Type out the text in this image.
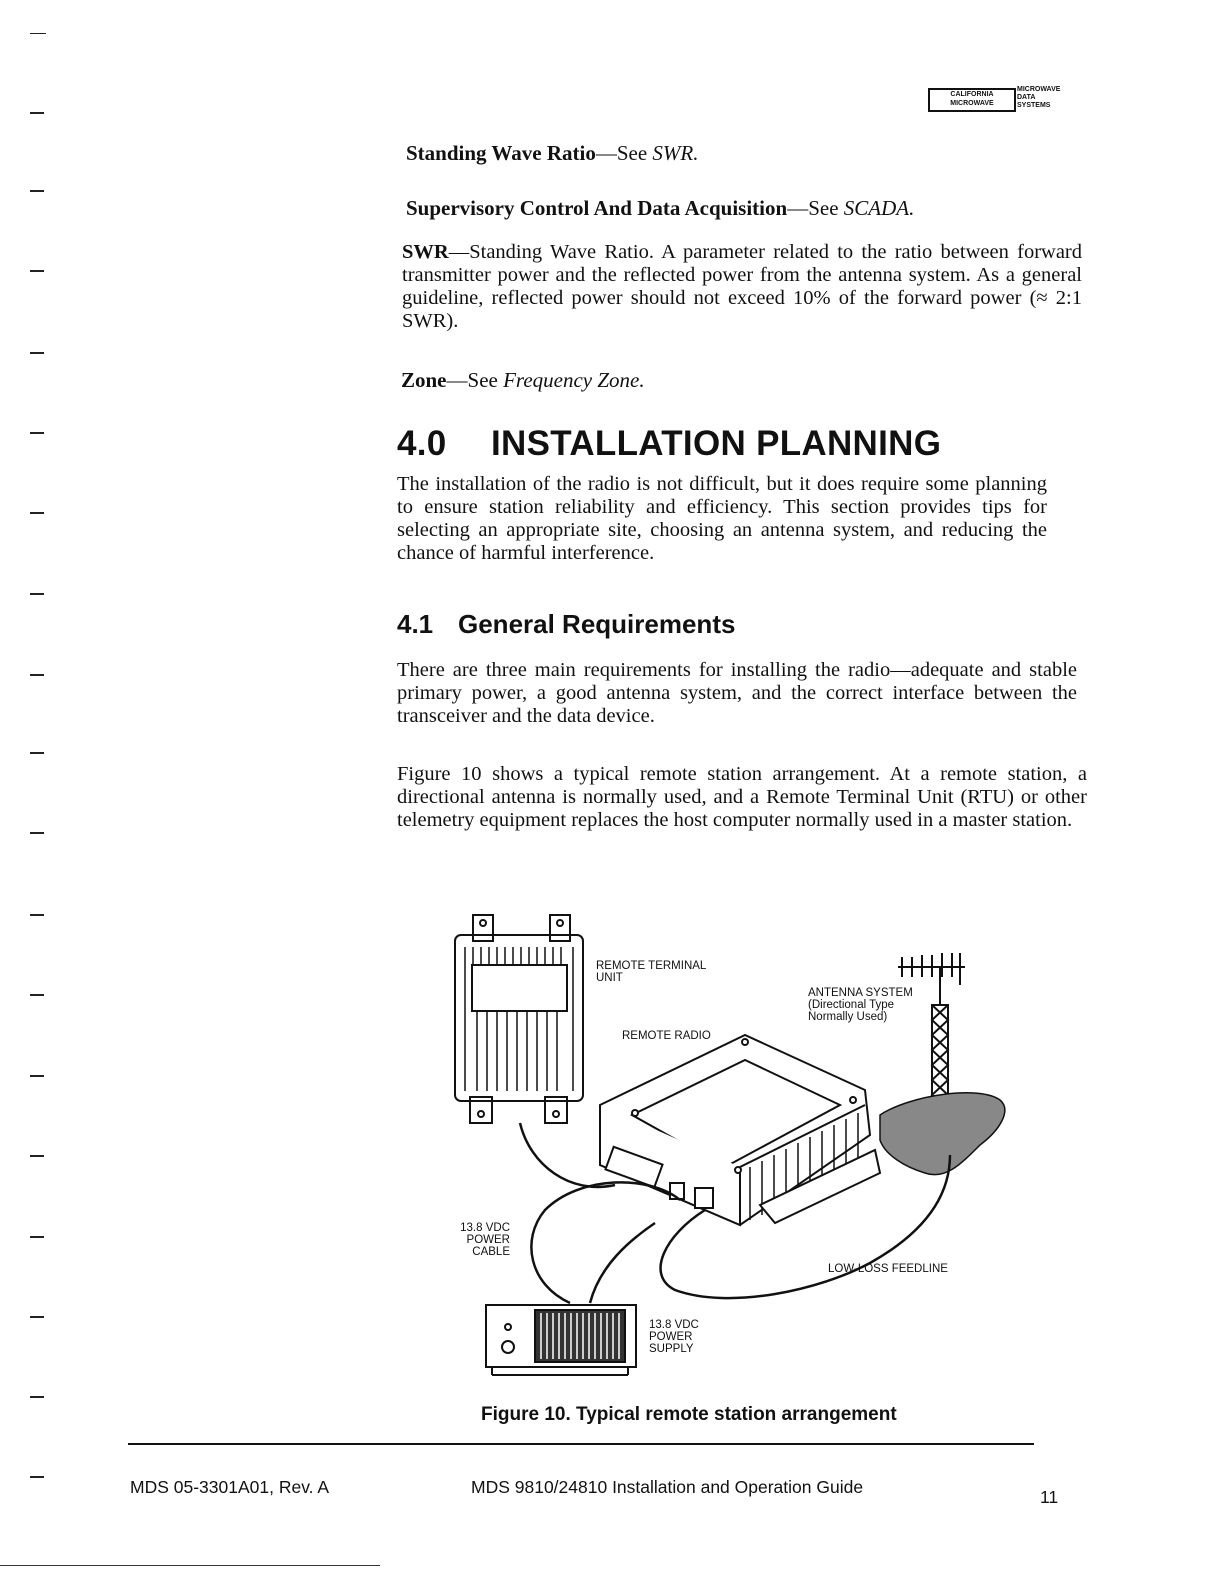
CALIFORNIA
MICROWAVE
MICROWAVE
DATA
SYSTEMS
Standing Wave Ratio—See SWR.
Supervisory Control And Data Acquisition—See SCADA.
SWR—Standing Wave Ratio. A parameter related to the ratio between forward transmitter power and the reflected power from the antenna system. As a general guideline, reflected power should not exceed 10% of the forward power (≈ 2:1 SWR).
Zone—See Frequency Zone.
4.0 INSTALLATION PLANNING
The installation of the radio is not difficult, but it does require some planning to ensure station reliability and efficiency. This section provides tips for selecting an appropriate site, choosing an antenna system, and reducing the chance of harmful interference.
4.1 General Requirements
There are three main requirements for installing the radio—adequate and stable primary power, a good antenna system, and the correct interface between the transceiver and the data device.
Figure 10 shows a typical remote station arrangement. At a remote station, a directional antenna is normally used, and a Remote Terminal Unit (RTU) or other telemetry equipment replaces the host computer normally used in a master station.
REMOTE TERMINAL
UNIT
ANTENNA SYSTEM
(Directional Type
Normally Used)
REMOTE RADIO
13.8 VDC
POWER
CABLE
LOW-LOSS FEEDLINE
13.8 VDC
POWER
SUPPLY
Figure 10. Typical remote station arrangement
MDS 05-3301A01, Rev. A	MDS 9810/24810 Installation and Operation Guide	11
